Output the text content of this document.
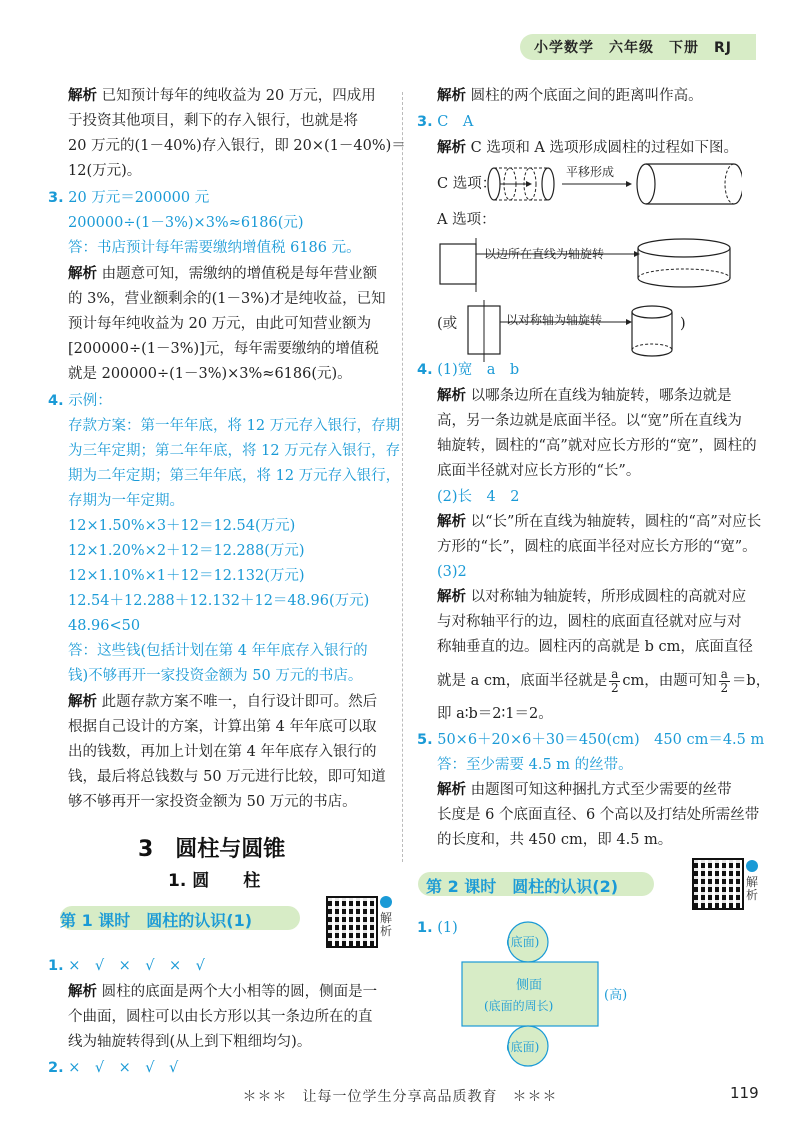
小学数学　六年级　下册　RJ
解析 已知预计每年的纯收益为 20 万元，四成用
于投资其他项目，剩下的存入银行，也就是将
20 万元的(1－40%)存入银行，即 20×(1－40%)＝
12(万元)。
3. 20 万元＝200000 元
200000÷(1－3%)×3%≈6186(元)
答：书店预计每年需要缴纳增值税 6186 元。
解析 由题意可知，需缴纳的增值税是每年营业额
的 3%，营业额剩余的(1－3%)才是纯收益，已知
预计每年纯收益为 20 万元，由此可知营业额为
[200000÷(1－3%)]元，每年需要缴纳的增值税
就是 200000÷(1－3%)×3%≈6186(元)。
4. 示例：
存款方案：第一年年底，将 12 万元存入银行，存期
为三年定期；第二年年底，将 12 万元存入银行，存
期为二年定期；第三年年底，将 12 万元存入银行，
存期为一年定期。
12×1.50%×3＋12＝12.54(万元)
12×1.20%×2＋12＝12.288(万元)
12×1.10%×1＋12＝12.132(万元)
12.54＋12.288＋12.132＋12＝48.96(万元)
48.96<50
答：这些钱(包括计划在第 4 年年底存入银行的
钱)不够再开一家投资金额为 50 万元的书店。
解析 此题存款方案不唯一，自行设计即可。然后
根据自己设计的方案，计算出第 4 年年底可以取
出的钱数，再加上计划在第 4 年年底存入银行的
钱，最后将总钱数与 50 万元进行比较，即可知道
够不够再开一家投资金额为 50 万元的书店。
3　圆柱与圆锥
1. 圆　　柱
第 1 课时　圆柱的认识(1)	解析
1. ×　√　×　√　×　√
解析 圆柱的底面是两个大小相等的圆，侧面是一
个曲面，圆柱可以由长方形以其一条边所在的直
线为轴旋转得到(从上到下粗细均匀)。
2. ×　√　×　√　√
解析 圆柱的两个底面之间的距离叫作高。
3. C　A
解析 C 选项和 A 选项形成圆柱的过程如下图。
C 选项：
平移形成
A 选项：
以边所在直线为轴旋转
(或	以对称轴为轴旋转	)
4. (1)宽　a　b
解析 以哪条边所在直线为轴旋转，哪条边就是
高，另一条边就是底面半径。以“宽”所在直线为
轴旋转，圆柱的“高”就对应长方形的“宽”，圆柱的
底面半径就对应长方形的“长”。
(2)长　4　2
解析 以“长”所在直线为轴旋转，圆柱的“高”对应长
方形的“长”，圆柱的底面半径对应长方形的“宽”。
(3)2
解析 以对称轴为轴旋转，所形成圆柱的高就对应
与对称轴平行的边，圆柱的底面直径就对应与对
称轴垂直的边。圆柱丙的高就是 b cm，底面直径
就是 a cm，底面半径就是 $\frac{a}{2}$ cm，由题可知 $\frac{a}{2} =b$，
即 a∶b＝2∶1＝2。
5. 50×6＋20×6＋30＝450(cm)　450 cm＝4.5 m
答：至少需要 4.5 m 的丝带。
解析 由题图可知这种捆扎方式至少需要的丝带
长度是 6 个底面直径、6 个高以及打结处所需丝带
的长度和，共 450 cm，即 4.5 m。
第 2 课时　圆柱的认识(2)	解析
1. (1)
(底面)
侧面
(底面的周长)
(高)
(底面)
＊＊＊　让每一位学生分享高品质教育　＊＊＊	119
